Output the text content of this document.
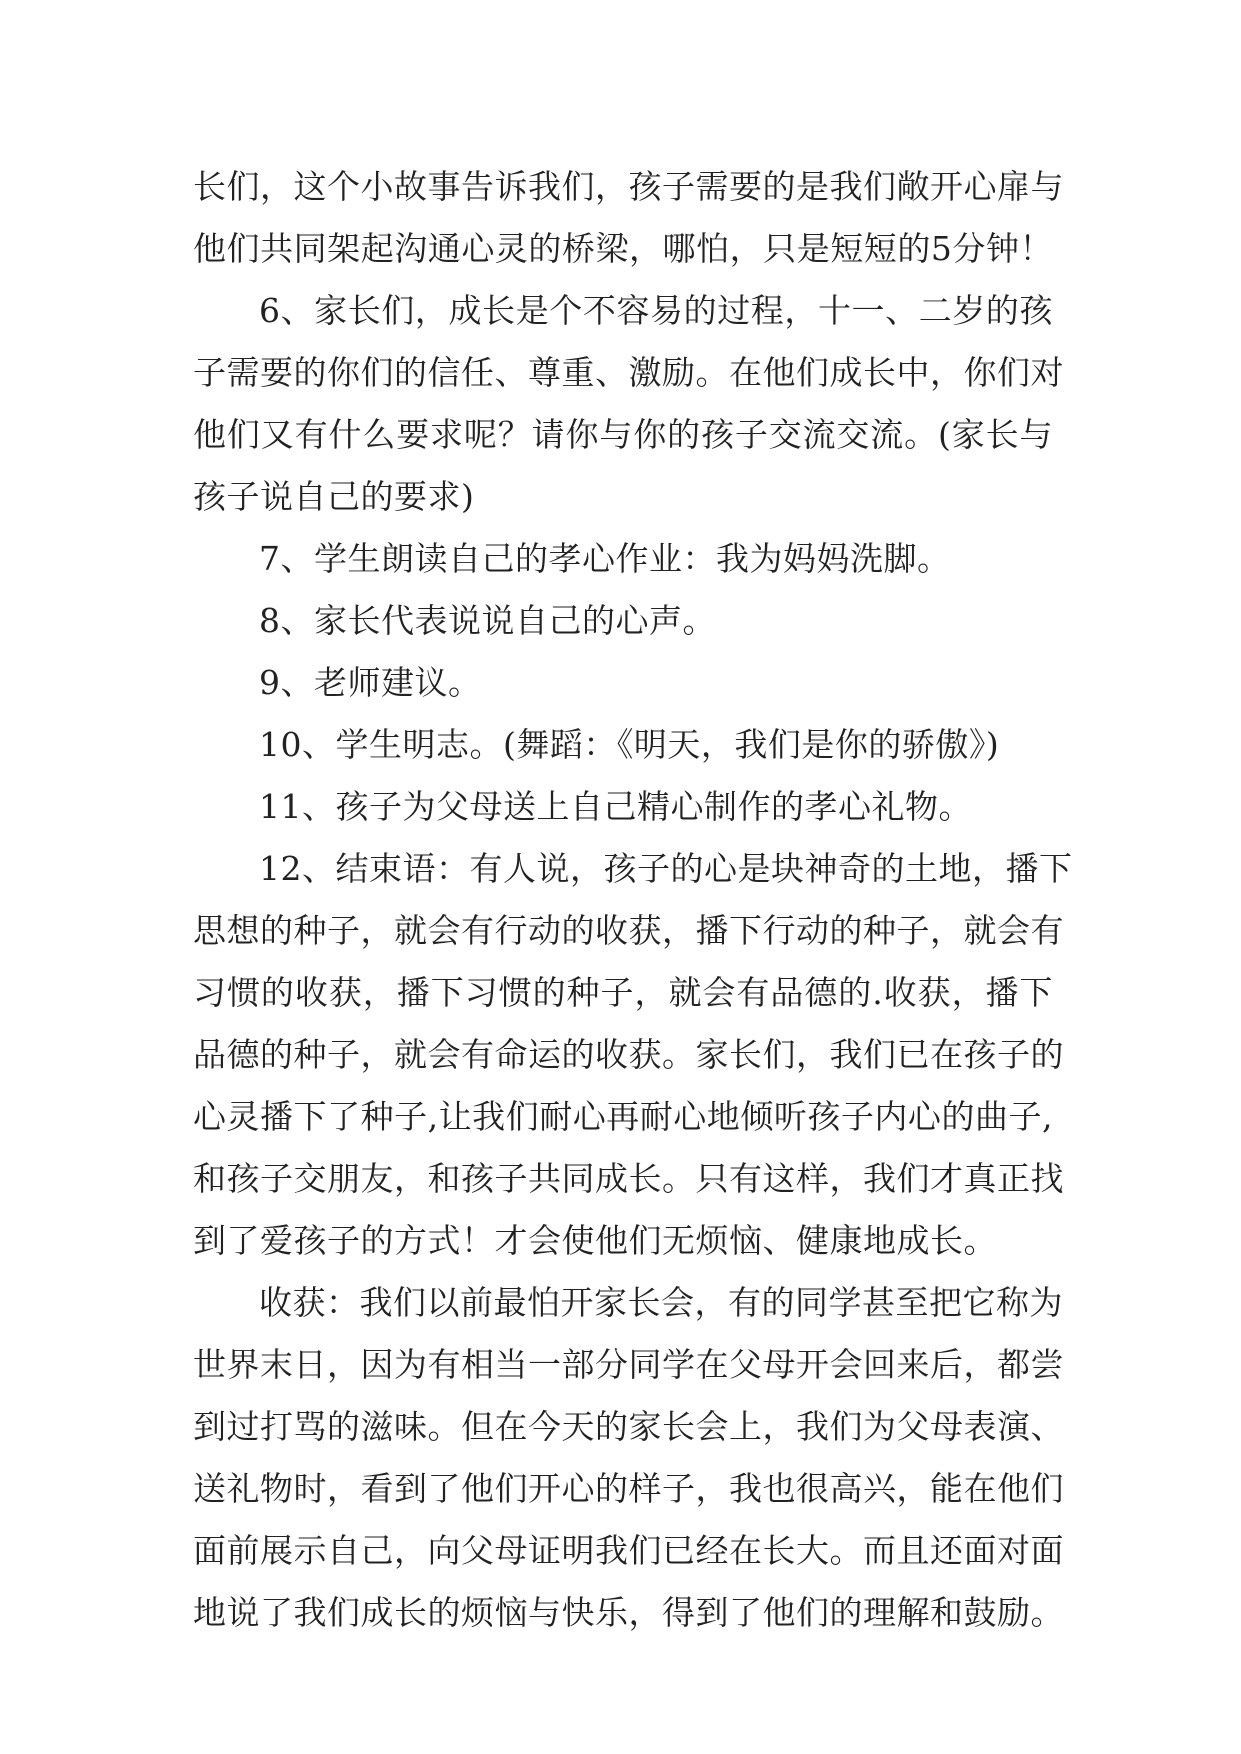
长们，这个小故事告诉我们，孩子需要的是我们敞开心扉与
他们共同架起沟通心灵的桥梁，哪怕，只是短短的5分钟！
6、家长们，成长是个不容易的过程，十一、二岁的孩
子需要的你们的信任、尊重、激励。在他们成长中，你们对
他们又有什么要求呢？请你与你的孩子交流交流。(家长与
孩子说自己的要求)
7、学生朗读自己的孝心作业：我为妈妈洗脚。
8、家长代表说说自己的心声。
9、老师建议。
10、学生明志。(舞蹈：《明天，我们是你的骄傲》)
11、孩子为父母送上自己精心制作的孝心礼物。
12、结束语：有人说，孩子的心是块神奇的土地，播下
思想的种子，就会有行动的收获，播下行动的种子，就会有
习惯的收获，播下习惯的种子，就会有品德的.收获，播下
品德的种子，就会有命运的收获。家长们，我们已在孩子的
心灵播下了种子,让我们耐心再耐心地倾听孩子内心的曲子,
和孩子交朋友，和孩子共同成长。只有这样，我们才真正找
到了爱孩子的方式！才会使他们无烦恼、健康地成长。
收获：我们以前最怕开家长会，有的同学甚至把它称为
世界末日，因为有相当一部分同学在父母开会回来后，都尝
到过打骂的滋味。但在今天的家长会上，我们为父母表演、
送礼物时，看到了他们开心的样子，我也很高兴，能在他们
面前展示自己，向父母证明我们已经在长大。而且还面对面
地说了我们成长的烦恼与快乐，得到了他们的理解和鼓励。
